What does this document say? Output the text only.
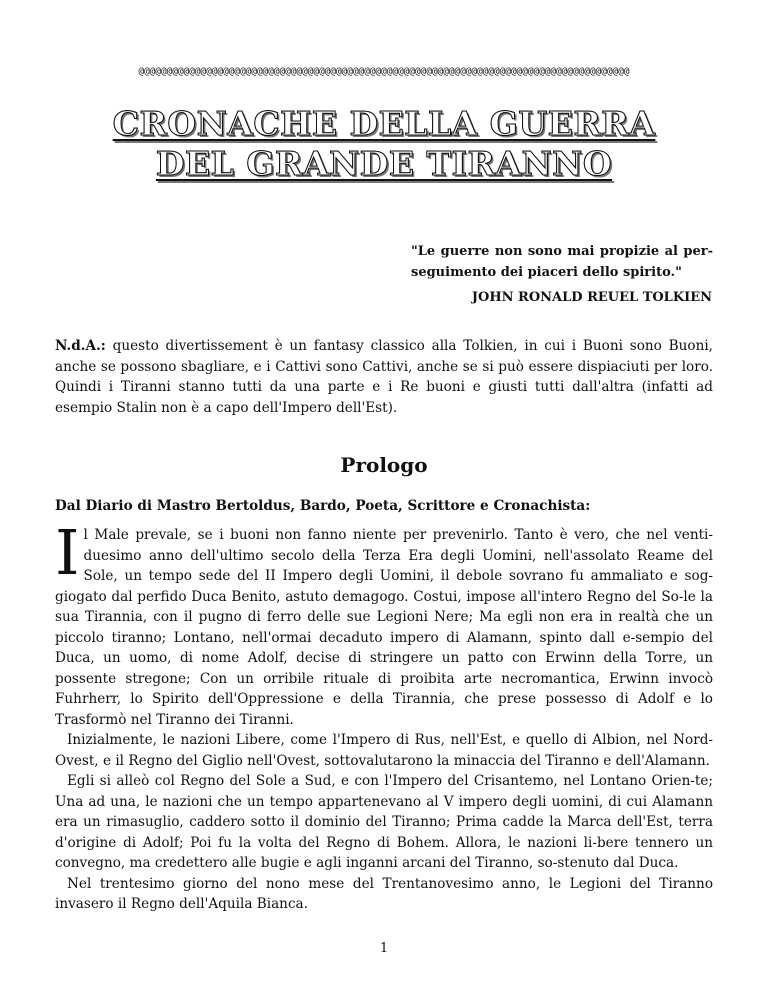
@@@@@@@@@@@@@@@@@@@@@@@@@@@@@@@@@@@@@@@@@@@@@@@@@@@@@@@@@@@@@@@@@@@@@@@@@@@@@@@@@@@@@@@
CRONACHE DELLA GUERRA
DEL GRANDE TIRANNO
"Le guerre non sono mai propizie al per-seguimento dei piaceri dello spirito."
JOHN RONALD REUEL TOLKIEN
N.d.A.: questo divertissement è un fantasy classico alla Tolkien, in cui i Buoni sono Buoni, anche se possono sbagliare, e i Cattivi sono Cattivi, anche se si può essere dispiaciuti per loro. Quindi i Tiranni stanno tutti da una parte e i Re buoni e giusti tutti dall'altra (infatti ad esempio Stalin non è a capo dell'Impero dell'Est).
Prologo
Dal Diario di Mastro Bertoldus, Bardo, Poeta, Scrittore e Cronachista:

Il Male prevale, se i buoni non fanno niente per prevenirlo. Tanto è vero, che nel venti-duesimo anno dell'ultimo secolo della Terza Era degli Uomini, nell'assolato Reame del Sole, un tempo sede del II Impero degli Uomini, il debole sovrano fu ammaliato e sog-giogato dal perfido Duca Benito, astuto demagogo. Costui, impose all'intero Regno del So-le la sua Tirannia, con il pugno di ferro delle sue Legioni Nere; Ma egli non era in realtà che un piccolo tiranno; Lontano, nell'ormai decaduto impero di Alamann, spinto dall e-sempio del Duca, un uomo, di nome Adolf, decise di stringere un patto con Erwinn della Torre, un possente stregone; Con un orribile rituale di proibita arte necromantica, Erwinn invocò Fuhrherr, lo Spirito dell'Oppressione e della Tirannia, che prese possesso di Adolf e lo Trasformò nel Tiranno dei Tiranni.

Inizialmente, le nazioni Libere, come l'Impero di Rus, nell'Est, e quello di Albion, nel Nord-Ovest, e il Regno del Giglio nell'Ovest, sottovalutarono la minaccia del Tiranno e dell'Alamann.

Egli si alleò col Regno del Sole a Sud, e con l'Impero del Crisantemo, nel Lontano Orien-te; Una ad una, le nazioni che un tempo appartenevano al V impero degli uomini, di cui Alamann era un rimasuglio, caddero sotto il dominio del Tiranno; Prima cadde la Marca dell'Est, terra d'origine di Adolf; Poi fu la volta del Regno di Bohem. Allora, le nazioni li-bere tennero un convegno, ma credettero alle bugie e agli inganni arcani del Tiranno, so-stenuto dal Duca.

Nel trentesimo giorno del nono mese del Trentanovesimo anno, le Legioni del Tiranno invasero il Regno dell'Aquila Bianca.

1
